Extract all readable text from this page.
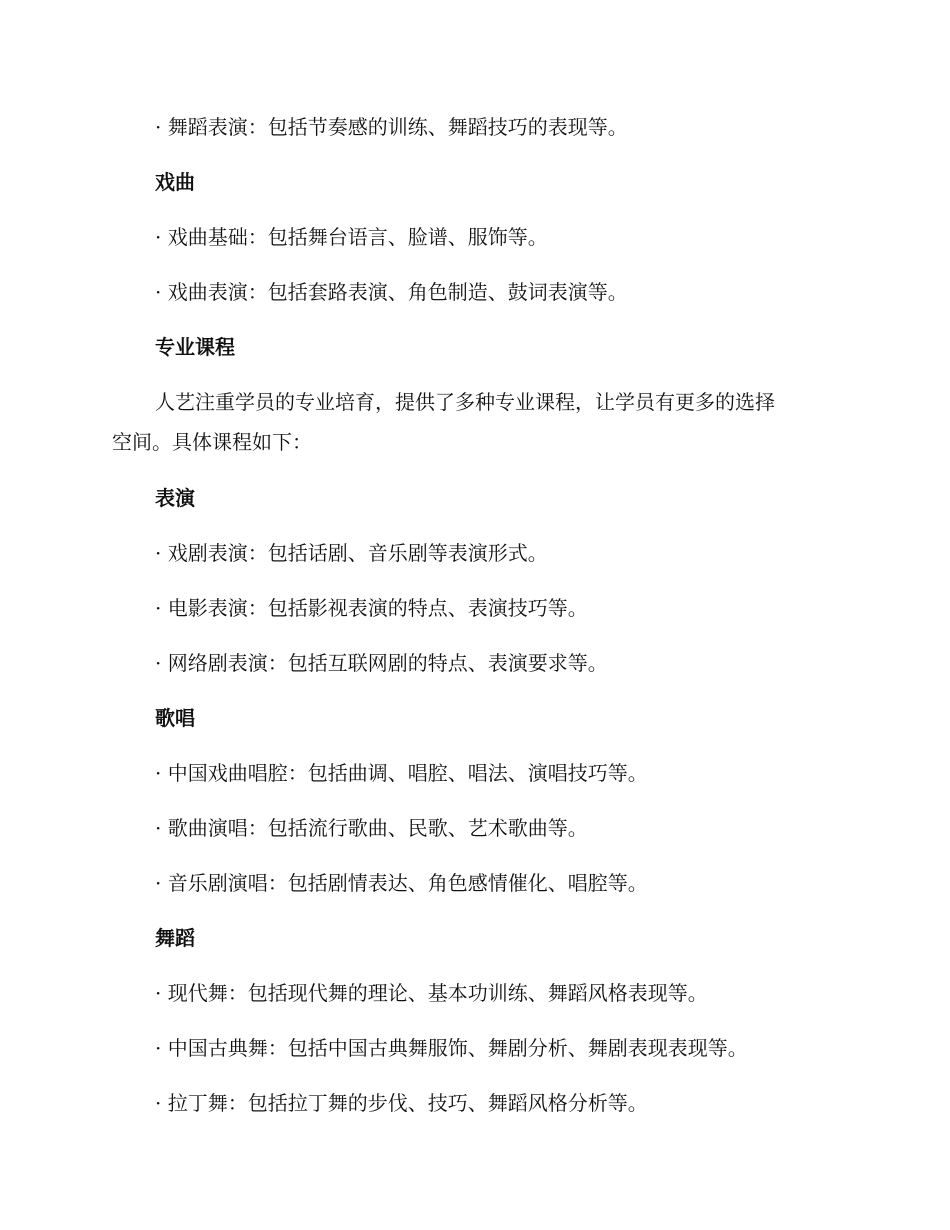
· 舞蹈表演：包括节奏感的训练、舞蹈技巧的表现等。
戏曲
· 戏曲基础：包括舞台语言、脸谱、服饰等。
· 戏曲表演：包括套路表演、角色制造、鼓词表演等。
专业课程
人艺注重学员的专业培育，提供了多种专业课程，让学员有更多的选择
空间。具体课程如下：
表演
· 戏剧表演：包括话剧、音乐剧等表演形式。
· 电影表演：包括影视表演的特点、表演技巧等。
· 网络剧表演：包括互联网剧的特点、表演要求等。
歌唱
· 中国戏曲唱腔：包括曲调、唱腔、唱法、演唱技巧等。
· 歌曲演唱：包括流行歌曲、民歌、艺术歌曲等。
· 音乐剧演唱：包括剧情表达、角色感情催化、唱腔等。
舞蹈
· 现代舞：包括现代舞的理论、基本功训练、舞蹈风格表现等。
· 中国古典舞：包括中国古典舞服饰、舞剧分析、舞剧表现表现等。
· 拉丁舞：包括拉丁舞的步伐、技巧、舞蹈风格分析等。
